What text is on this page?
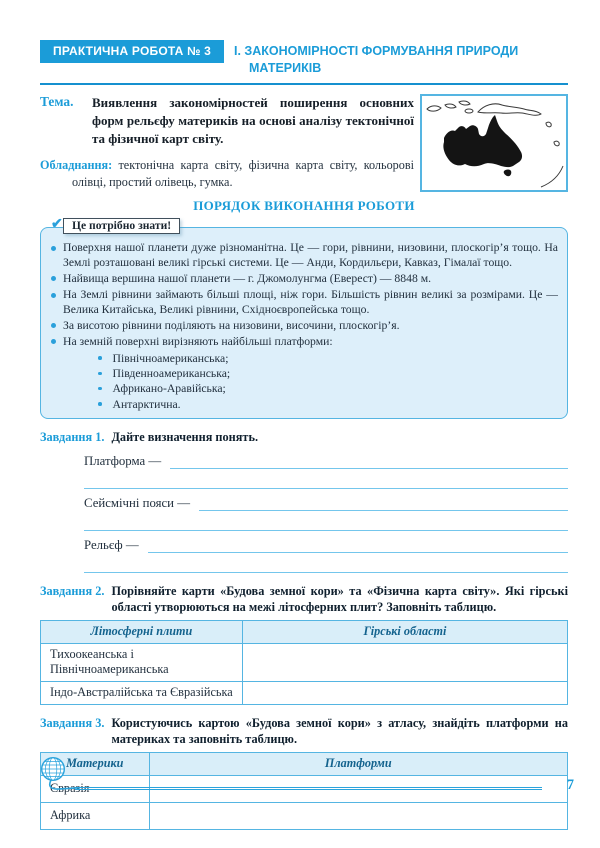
ПРАКТИЧНА РОБОТА № 3	І. ЗАКОНОМІРНОСТІ ФОРМУВАННЯ ПРИРОДИ
МАТЕРИКІВ
Тема.	Виявлення закономірностей поширення основних форм рельєфу материків на основі аналізу тектонічної та фізичної карт світу.
Обладнання: тектонічна карта світу, фізична карта світу, кольорові олівці, простий олівець, гумка.
ПОРЯДОК ВИКОНАННЯ РОБОТИ
✔ Це потрібно знати!
Поверхня нашої планети дуже різноманітна. Це — гори, рівнини, низовини, плоскогір’я тощо. На Землі розташовані великі гірські системи. Це — Анди, Кордильєри, Кавказ, Гімалаї тощо.
Найвища вершина нашої планети — г. Джомолунгма (Еверест) — 8848 м.
На Землі рівнини займають більші площі, ніж гори. Більшість рівнин великі за розмірами. Це — Велика Китайська, Великі рівнини, Східноєвропейська тощо.
За висотою рівнини поділяють на низовини, височини, плоскогір’я.
На земній поверхні вирізняють найбільші платформи:
Північноамериканська;
Південноамериканська;
Африкано-Аравійська;
Антарктична.
Завдання 1. Дайте визначення понять.
Платформа —
Сейсмічні пояси —
Рельєф —
Завдання 2. Порівняйте карти «Будова земної кори» та «Фізична карта світу». Які гірські області утворюються на межі літосферних плит? Заповніть таблицю.
Літосферні плити	Гірські області
Тихоокеанська і Північноамериканська	
Індо-Австралійська та Євразійська	
Завдання 3. Користуючись картою «Будова земної кори» з атласу, знайдіть платформи на материках та заповніть таблицю.
Материки	Платформи
Євразія	
Африка	
7
